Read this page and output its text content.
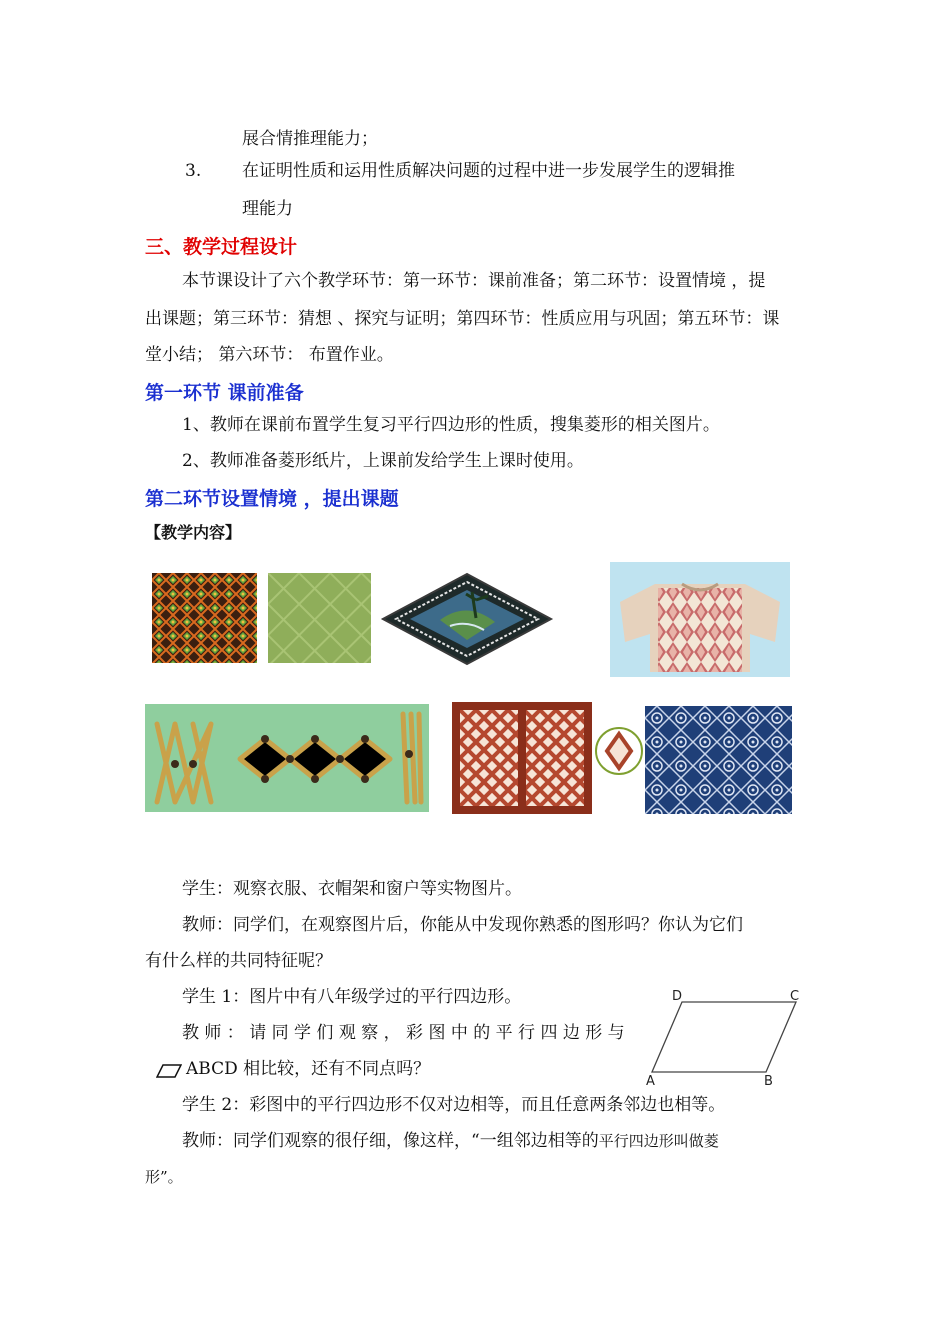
展合情推理能力；
3. 在证明性质和运用性质解决问题的过程中进一步发展学生的逻辑推
理能力
三、教学过程设计
本节课设计了六个教学环节：第一环节：课前准备；第二环节：设置情境 ，提
出课题；第三环节：猜想 、探究与证明；第四环节：性质应用与巩固；第五环节：课
堂小结； 第六环节： 布置作业。
第一环节 课前准备
1、教师在课前布置学生复习平行四边形的性质，搜集菱形的相关图片。
2、教师准备菱形纸片，上课前发给学生上课时使用。
第二环节设置情境 ，提出课题
【教学内容】
学生：观察衣服、衣帽架和窗户等实物图片。
教师：同学们，在观察图片后，你能从中发现你熟悉的图形吗？你认为它们
有什么样的共同特征呢？
学生 1：图片中有八年级学过的平行四边形。
教 师 ： 请 同 学 们 观 察 ， 彩 图 中 的 平 行 四 边 形 与
ABCD 相比较，还有不同点吗？
学生 2：彩图中的平行四边形不仅对边相等，而且任意两条邻边也相等。
教师：同学们观察的很仔细，像这样，“一组邻边相等的平行四边形叫做菱
形”。
D	C
A	B
